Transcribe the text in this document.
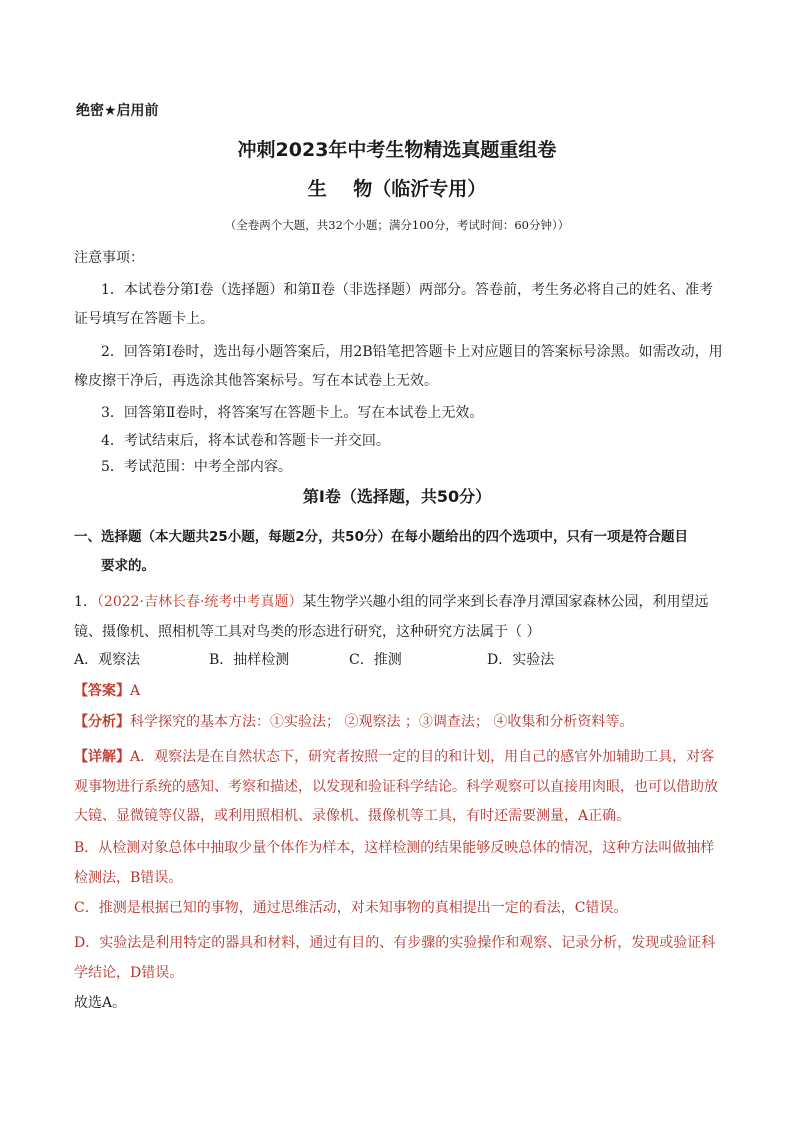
绝密★启用前
冲刺2023年中考生物精选真题重组卷
生    物（临沂专用）
（全卷两个大题，共32个小题；满分100分，考试时间：60分钟））
注意事项：
1．本试卷分第Ⅰ卷（选择题）和第Ⅱ卷（非选择题）两部分。答卷前，考生务必将自己的姓名、准考证号填写在答题卡上。
2．回答第Ⅰ卷时，选出每小题答案后，用2B铅笔把答题卡上对应题目的答案标号涂黑。如需改动，用橡皮擦干净后，再选涂其他答案标号。写在本试卷上无效。
3．回答第Ⅱ卷时，将答案写在答题卡上。写在本试卷上无效。
4．考试结束后，将本试卷和答题卡一并交回。
5．考试范围：中考全部内容。
第Ⅰ卷（选择题，共50分）
一、选择题（本大题共25小题，每题2分，共50分）在每小题给出的四个选项中，只有一项是符合题目
要求的。
1．（2022·吉林长春·统考中考真题）某生物学兴趣小组的同学来到长春净月潭国家森林公园，利用望远镜、摄像机、照相机等工具对鸟类的形态进行研究，这种研究方法属于（ ）
A．观察法	B．抽样检测	C．推测	D．实验法
【答案】A
【分析】科学探究的基本方法：①实验法； ②观察法 ；③调查法； ④收集和分析资料等。
【详解】A．观察法是在自然状态下，研究者按照一定的目的和计划，用自己的感官外加辅助工具，对客观事物进行系统的感知、考察和描述，以发现和验证科学结论。科学观察可以直接用肉眼，也可以借助放大镜、显微镜等仪器，或利用照相机、录像机、摄像机等工具，有时还需要测量，A正确。
B．从检测对象总体中抽取少量个体作为样本，这样检测的结果能够反映总体的情况，这种方法叫做抽样检测法，B错误。
C．推测是根据已知的事物，通过思维活动，对未知事物的真相提出一定的看法，C错误。
D．实验法是利用特定的器具和材料，通过有目的、有步骤的实验操作和观察、记录分析，发现或验证科学结论，D错误。
故选A。
